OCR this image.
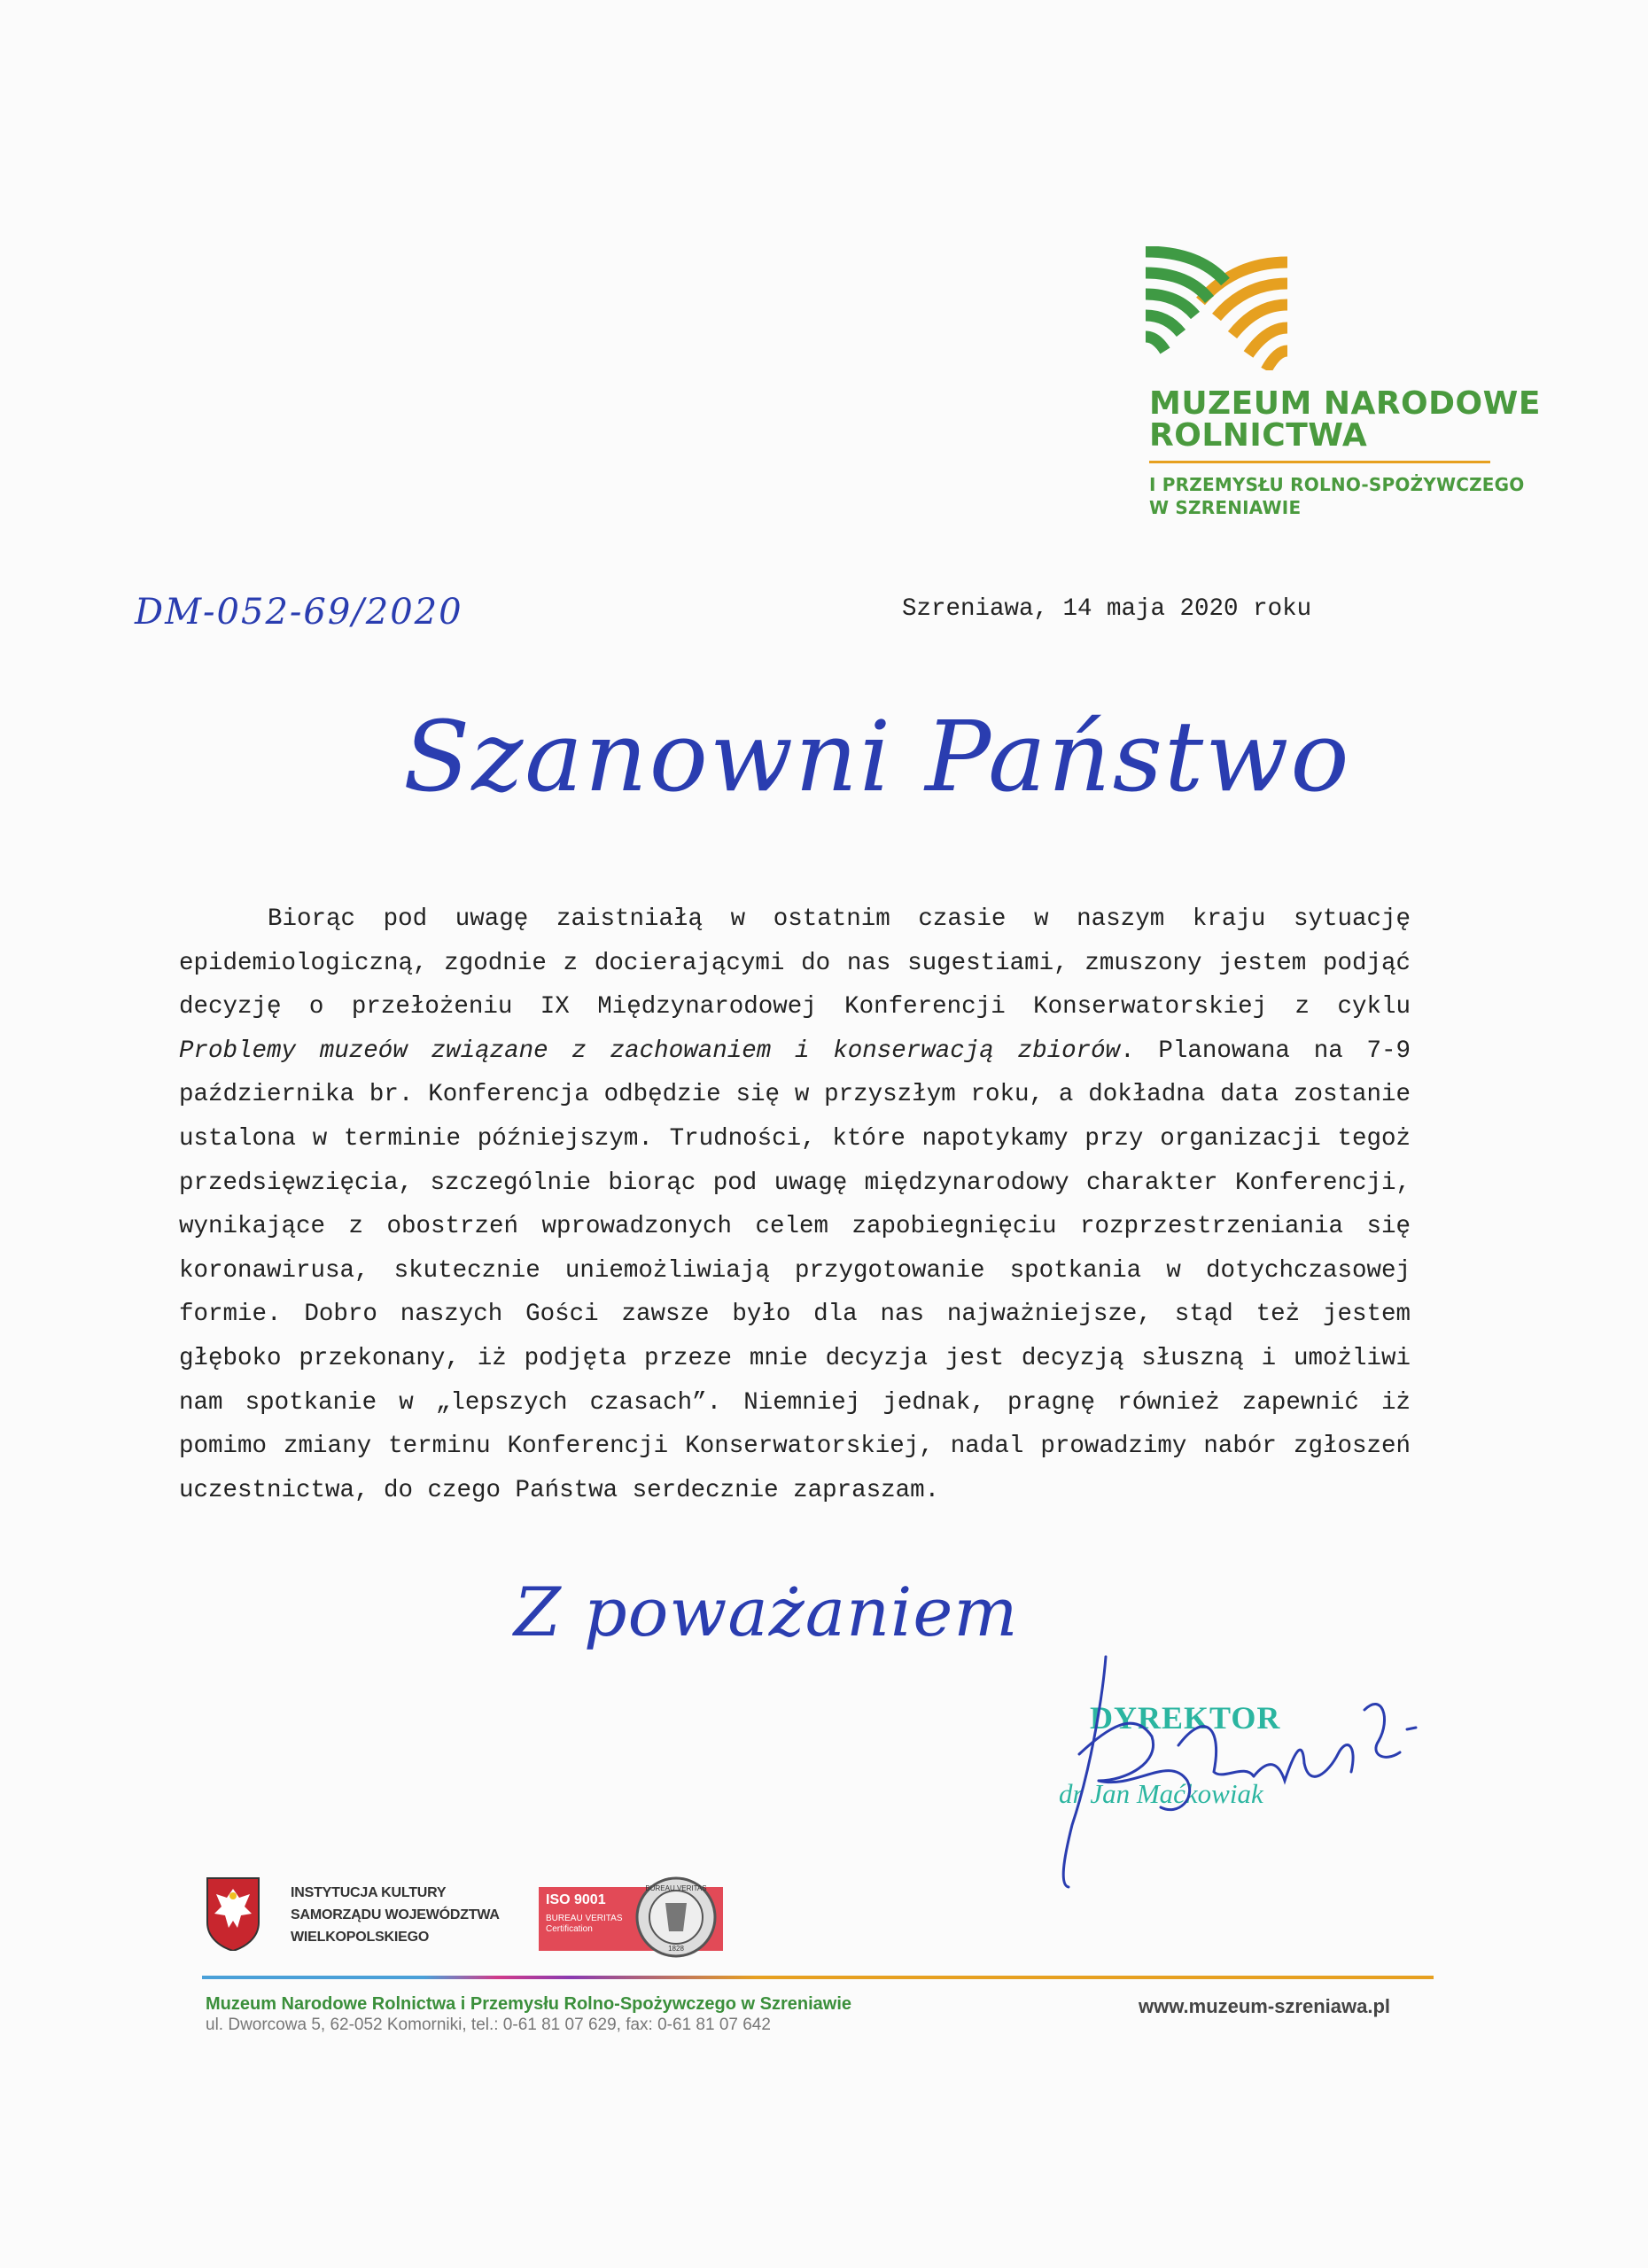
MUZEUM NARODOWE
ROLNICTWA
I PRZEMYSŁU ROLNO-SPOŻYWCZEGO
W SZRENIAWIE
DM-052-69/2020	Szreniawa, 14 maja 2020 roku
Szanowni Państwo
Biorąc pod uwagę zaistniałą w ostatnim czasie w naszym kraju sytuację epidemiologiczną, zgodnie z docierającymi do nas sugestiami, zmuszony jestem podjąć decyzję o przełożeniu IX Międzynarodowej Konferencji Konserwatorskiej z cyklu Problemy muzeów związane z zachowaniem i konserwacją zbiorów. Planowana na 7-9 października br. Konferencja odbędzie się w przyszłym roku, a dokładna data zostanie ustalona w terminie późniejszym. Trudności, które napotykamy przy organizacji tegoż przedsięwzięcia, szczególnie biorąc pod uwagę międzynarodowy charakter Konferencji, wynikające z obostrzeń wprowadzonych celem zapobiegnięciu rozprzestrzeniania się koronawirusa, skutecznie uniemożliwiają przygotowanie spotkania w dotychczasowej formie. Dobro naszych Gości zawsze było dla nas najważniejsze, stąd też jestem głęboko przekonany, iż podjęta przeze mnie decyzja jest decyzją słuszną i umożliwi nam spotkanie w „lepszych czasach”. Niemniej jednak, pragnę również zapewnić iż pomimo zmiany terminu Konferencji Konserwatorskiej, nadal prowadzimy nabór zgłoszeń uczestnictwa, do czego Państwa serdecznie zapraszam.
Z poważaniem
DYREKTOR
dr Jan Maćkowiak
INSTYTUCJA KULTURY
SAMORZĄDU WOJEWÓDZTWA
WIELKOPOLSKIEGO
ISO 9001
BUREAU VERITAS Certification
BUREAU VERITAS
1828
Muzeum Narodowe Rolnictwa i Przemysłu Rolno-Spożywczego w Szreniawie
ul. Dworcowa 5, 62-052 Komorniki, tel.: 0-61 81 07 629, fax: 0-61 81 07 642
www.muzeum-szreniawa.pl
